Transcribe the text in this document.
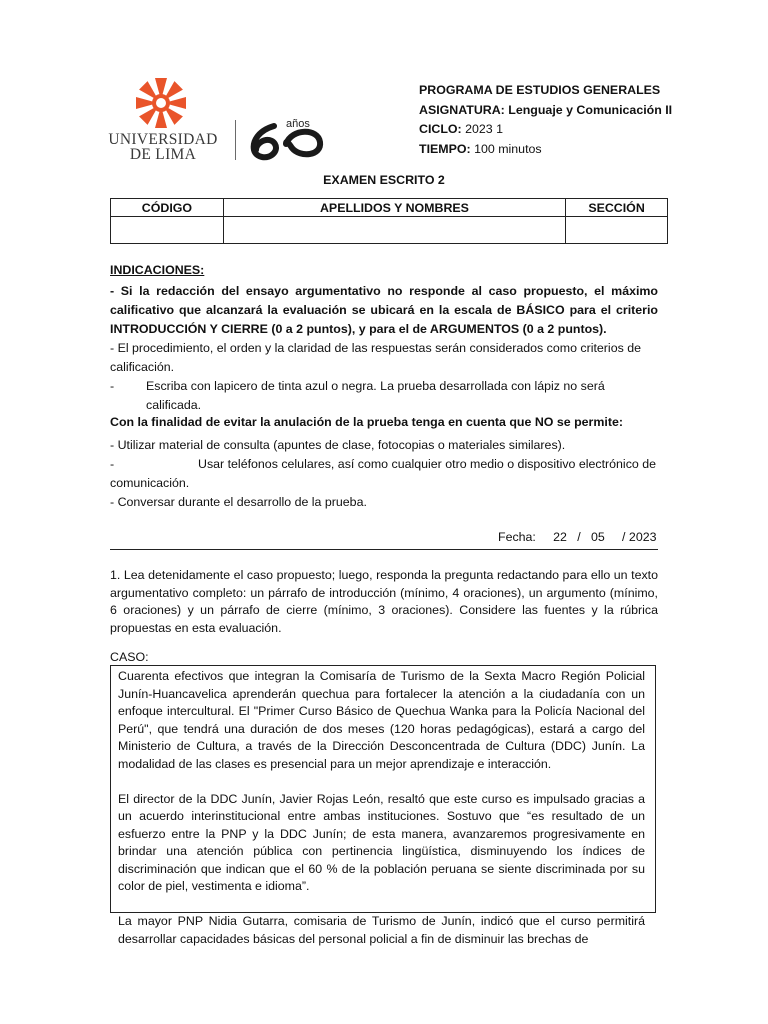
UNIVERSIDAD
DE LIMA
años
PROGRAMA DE ESTUDIOS GENERALES
ASIGNATURA: Lenguaje y Comunicación II
CICLO: 2023 1
TIEMPO: 100 minutos
EXAMEN ESCRITO 2
CÓDIGO	APELLIDOS Y NOMBRES	SECCIÓN

INDICACIONES:
- Si la redacción del ensayo argumentativo no responde al caso propuesto, el máximo calificativo que alcanzará la evaluación se ubicará en la escala de BÁSICO para el criterio INTRODUCCIÓN Y CIERRE (0 a 2 puntos), y para el de ARGUMENTOS (0 a 2 puntos).
- El procedimiento, el orden y la claridad de las respuestas serán considerados como criterios de calificación.
-	Escriba con lapicero de tinta azul o negra. La prueba desarrollada con lápiz no será calificada.
Con la finalidad de evitar la anulación de la prueba tenga en cuenta que NO se permite:
- Utilizar material de consulta (apuntes de clase, fotocopias o materiales similares).
-	Usar teléfonos celulares, así como cualquier otro medio o dispositivo electrónico de
comunicación.
- Conversar durante el desarrollo de la prueba.
Fecha: 22   /   05     / 2023
1. Lea detenidamente el caso propuesto; luego, responda la pregunta redactando para ello un texto argumentativo completo: un párrafo de introducción (mínimo, 4 oraciones), un argumento (mínimo, 6 oraciones) y un párrafo de cierre (mínimo, 3 oraciones). Considere las fuentes y la rúbrica propuestas en esta evaluación.
CASO:

Cuarenta efectivos que integran la Comisaría de Turismo de la Sexta Macro Región Policial Junín-Huancavelica aprenderán quechua para fortalecer la atención a la ciudadanía con un enfoque intercultural. El "Primer Curso Básico de Quechua Wanka para la Policía Nacional del Perú", que tendrá una duración de dos meses (120 horas pedagógicas), estará a cargo del Ministerio de Cultura, a través de la Dirección Desconcentrada de Cultura (DDC) Junín. La modalidad de las clases es presencial para un mejor aprendizaje e interacción.

El director de la DDC Junín, Javier Rojas León, resaltó que este curso es impulsado gracias a un acuerdo interinstitucional entre ambas instituciones. Sostuvo que “es resultado de un esfuerzo entre la PNP y la DDC Junín; de esta manera, avanzaremos progresivamente en brindar una atención pública con pertinencia lingüística, disminuyendo los índices de discriminación que indican que el 60 % de la población peruana se siente discriminada por su color de piel, vestimenta e idioma”.

La mayor PNP Nidia Gutarra, comisaria de Turismo de Junín, indicó que el curso permitirá desarrollar capacidades básicas del personal policial a fin de disminuir las brechas de
